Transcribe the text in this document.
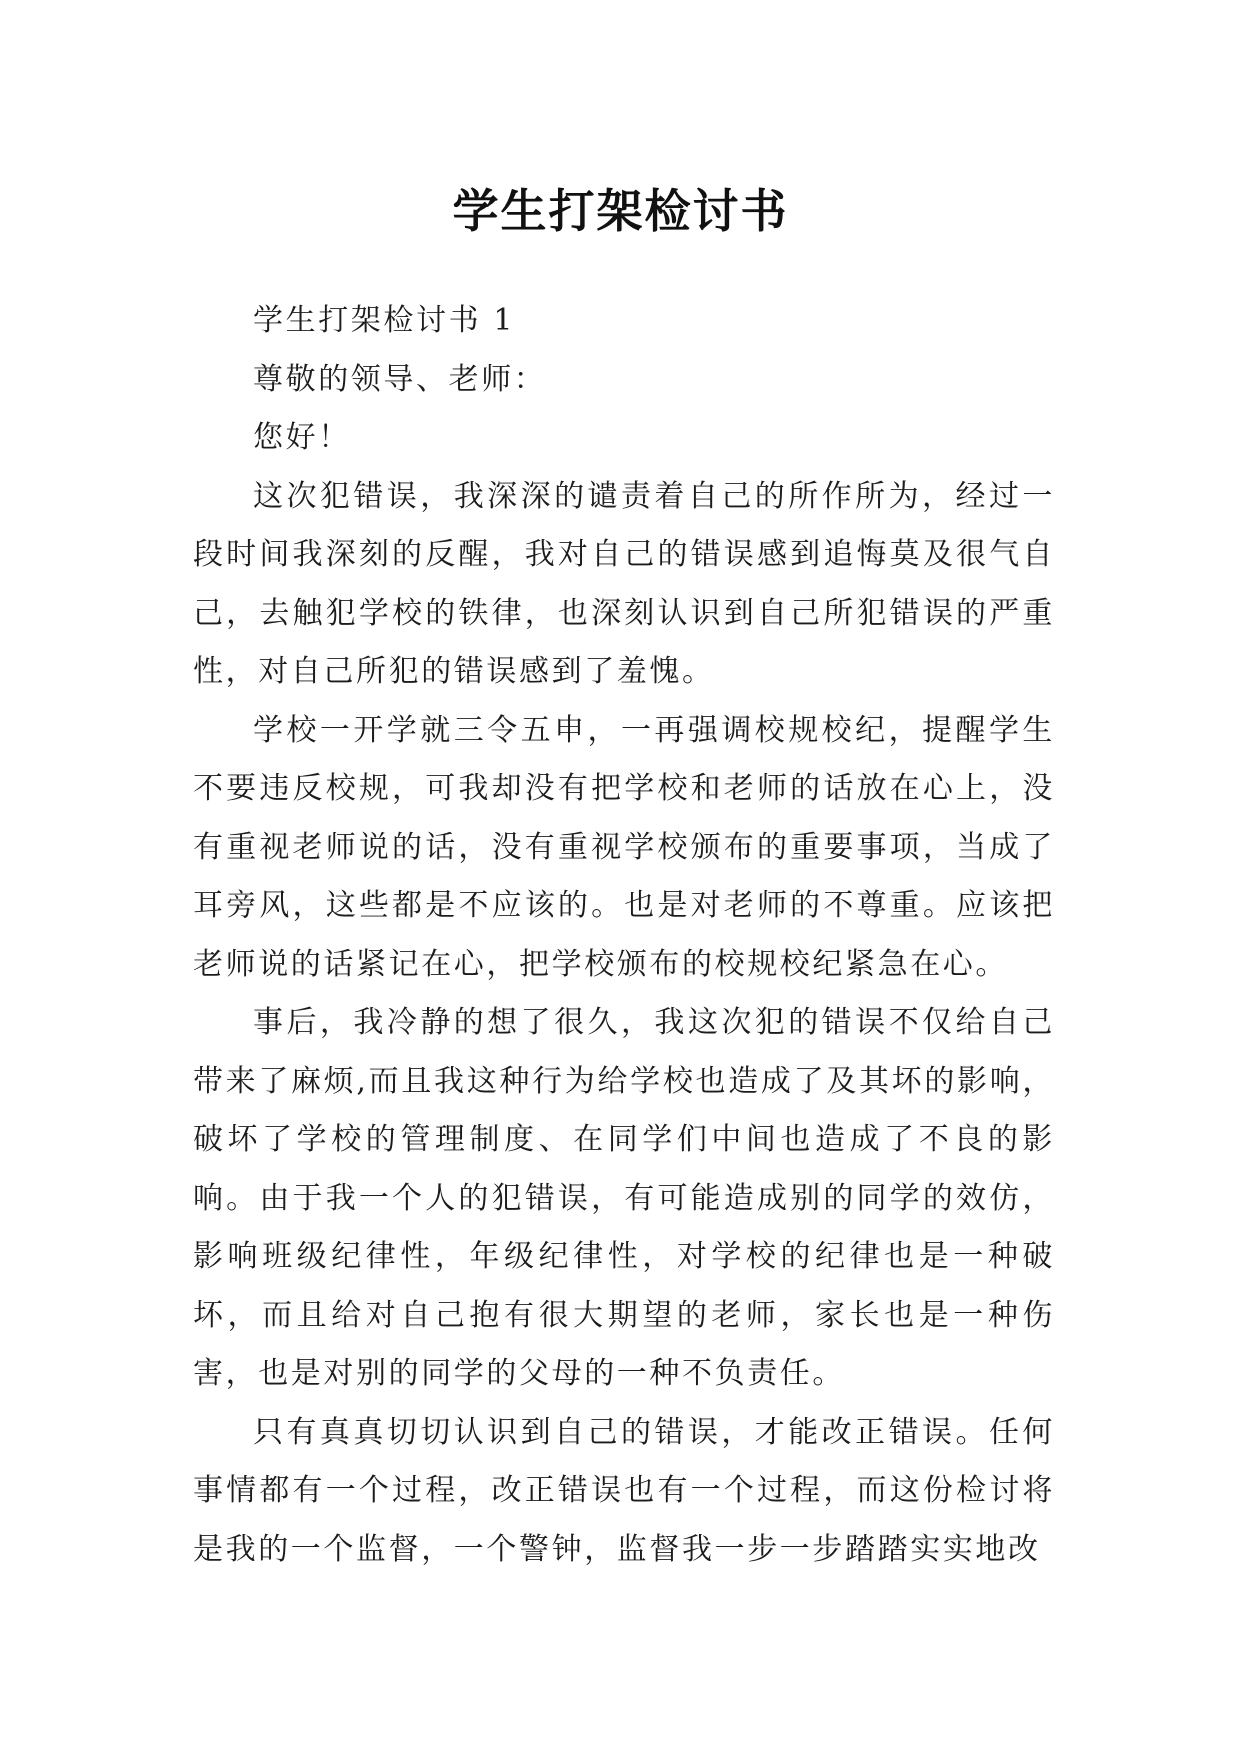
学生打架检讨书

学生打架检讨书 1

尊敬的领导、老师：

您好！

这次犯错误，我深深的谴责着自己的所作所为，经过一段时间我深刻的反醒，我对自己的错误感到追悔莫及很气自己，去触犯学校的铁律，也深刻认识到自己所犯错误的严重性，对自己所犯的错误感到了羞愧。

学校一开学就三令五申，一再强调校规校纪，提醒学生不要违反校规，可我却没有把学校和老师的话放在心上，没有重视老师说的话，没有重视学校颁布的重要事项，当成了耳旁风，这些都是不应该的。也是对老师的不尊重。应该把老师说的话紧记在心，把学校颁布的校规校纪紧急在心。

事后，我冷静的想了很久，我这次犯的错误不仅给自己带来了麻烦,而且我这种行为给学校也造成了及其坏的影响，破坏了学校的管理制度、在同学们中间也造成了不良的影响。由于我一个人的犯错误，有可能造成别的同学的效仿，影响班级纪律性，年级纪律性，对学校的纪律也是一种破坏，而且给对自己抱有很大期望的老师，家长也是一种伤害，也是对别的同学的父母的一种不负责任。

只有真真切切认识到自己的错误，才能改正错误。任何事情都有一个过程，改正错误也有一个过程，而这份检讨将是我的一个监督，一个警钟，监督我一步一步踏踏实实地改
